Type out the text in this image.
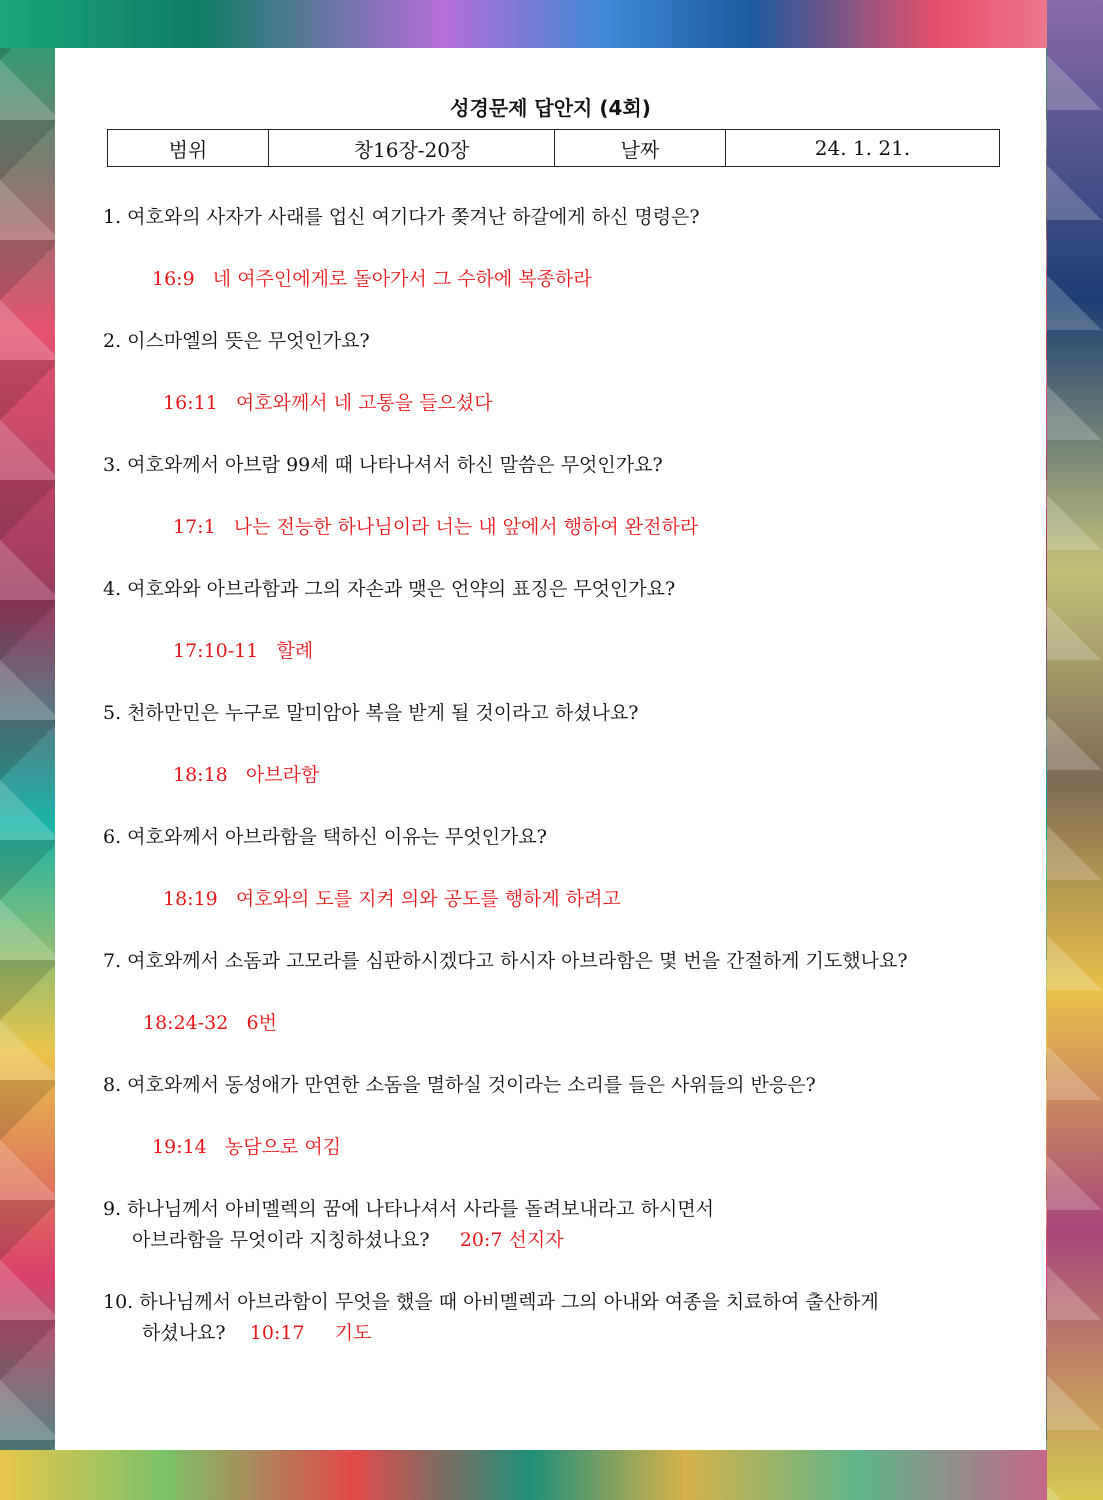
성경문제 답안지 (4회)
범위	창16장-20장	날짜	24. 1. 21.
1. 여호와의 사자가 사래를 업신 여기다가 쫒겨난 하갈에게 하신 명령은?
16:9 네 여주인에게로 돌아가서 그 수하에 복종하라
2. 이스마엘의 뜻은 무엇인가요?
16:11 여호와께서 네 고통을 들으셨다
3. 여호와께서 아브람 99세 때 나타나셔서 하신 말씀은 무엇인가요?
17:1 나는 전능한 하나님이라 너는 내 앞에서 행하여 완전하라
4. 여호와와 아브라함과 그의 자손과 맺은 언약의 표징은 무엇인가요?
17:10-11 할례
5. 천하만민은 누구로 말미암아 복을 받게 될 것이라고 하셨나요?
18:18 아브라함
6. 여호와께서 아브라함을 택하신 이유는 무엇인가요?
18:19 여호와의 도를 지켜 의와 공도를 행하게 하려고
7. 여호와께서 소돔과 고모라를 심판하시겠다고 하시자 아브라함은 몇 번을 간절하게 기도했나요?
18:24-32 6번
8. 여호와께서 동성애가 만연한 소돔을 멸하실 것이라는 소리를 들은 사위들의 반응은?
19:14 농담으로 여김
9. 하나님께서 아비멜렉의 꿈에 나타나셔서 사라를 돌려보내라고 하시면서
아브라함을 무엇이라 지칭하셨나요? 20:7 선지자
10. 하나님께서 아브라함이 무엇을 했을 때 아비멜렉과 그의 아내와 여종을 치료하여 출산하게
하셨나요? 10:17 기도
